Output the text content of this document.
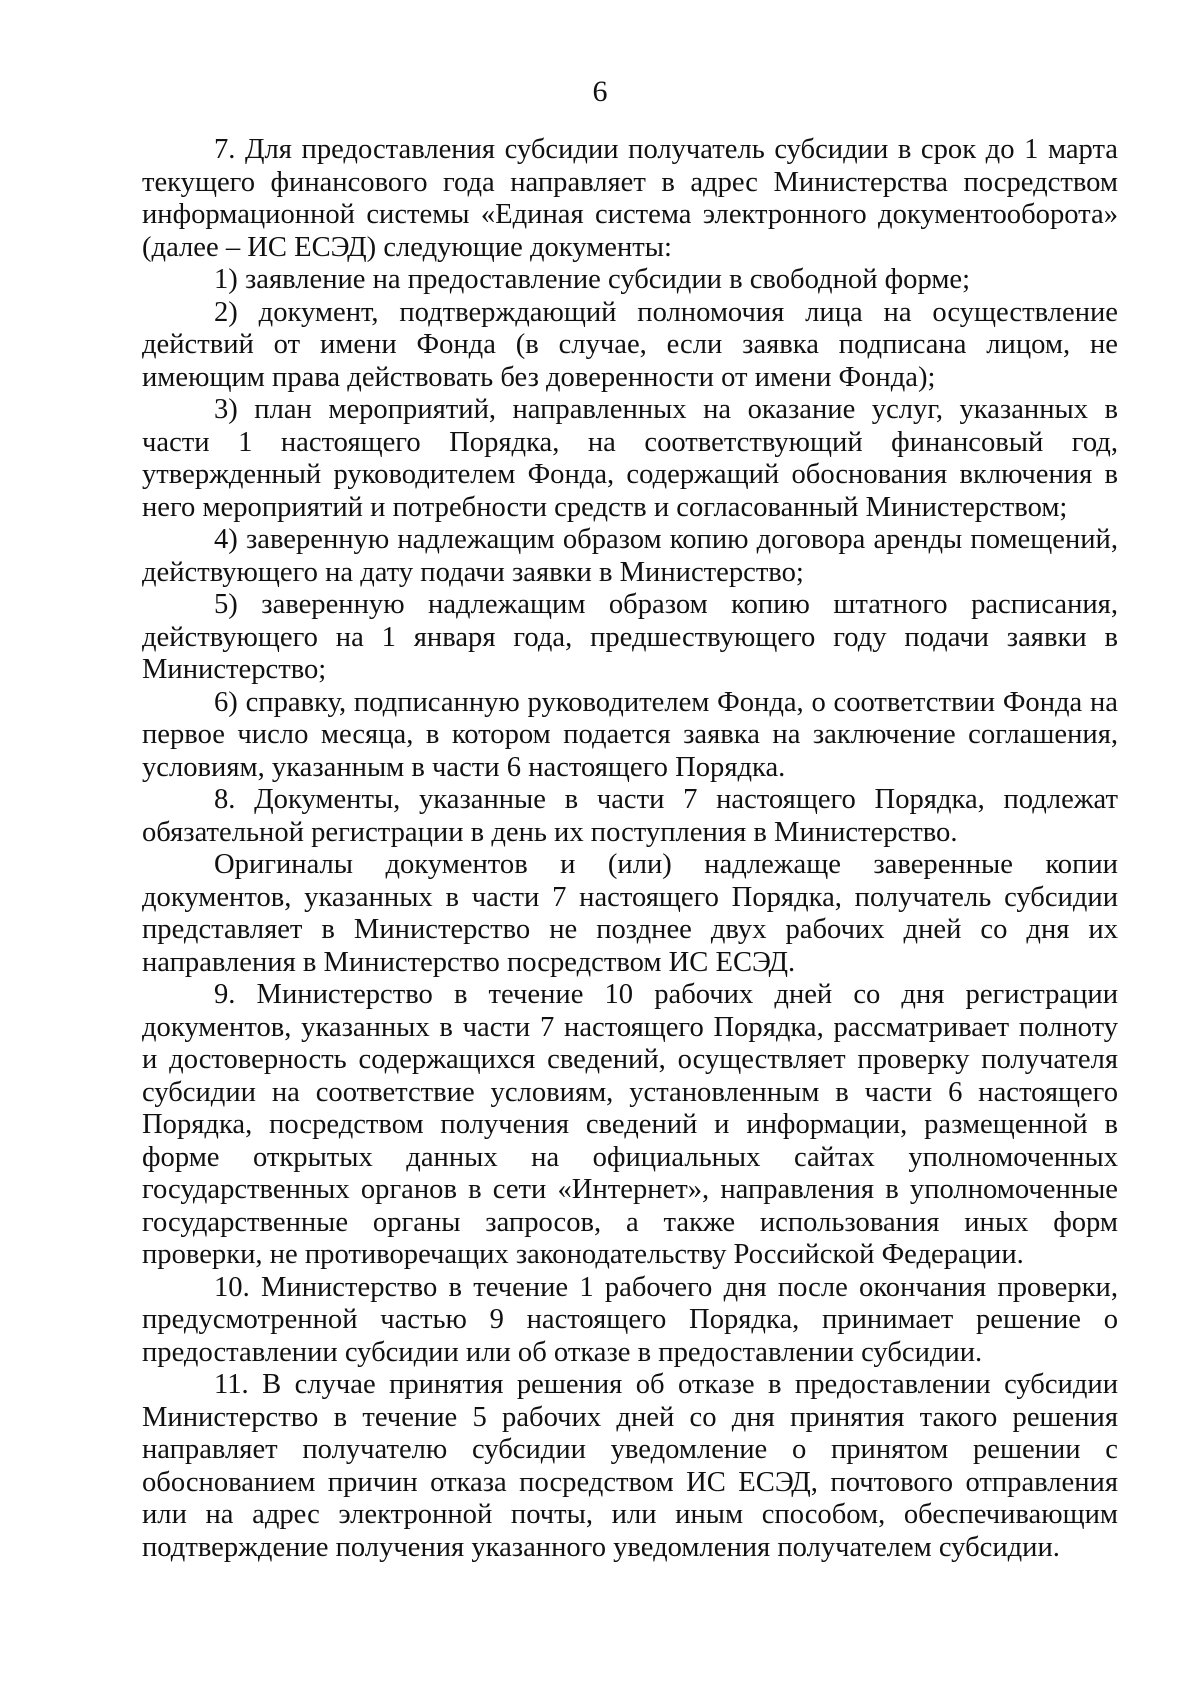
6

7. Для предоставления субсидии получатель субсидии в срок до 1 марта текущего финансового года направляет в адрес Министерства посредством информационной системы «Единая система электронного документооборота» (далее – ИС ЕСЭД) следующие документы:

1) заявление на предоставление субсидии в свободной форме;

2) документ, подтверждающий полномочия лица на осуществление действий от имени Фонда (в случае, если заявка подписана лицом, не имеющим права действовать без доверенности от имени Фонда);

3) план мероприятий, направленных на оказание услуг, указанных в части 1 настоящего Порядка, на соответствующий финансовый год, утвержденный руководителем Фонда, содержащий обоснования включения в него мероприятий и потребности средств и согласованный Министерством;

4) заверенную надлежащим образом копию договора аренды помещений, действующего на дату подачи заявки в Министерство;

5) заверенную надлежащим образом копию штатного расписания, действующего на 1 января года, предшествующего году подачи заявки в Министерство;

6) справку, подписанную руководителем Фонда, о соответствии Фонда на первое число месяца, в котором подается заявка на заключение соглашения, условиям, указанным в части 6 настоящего Порядка.

8. Документы, указанные в части 7 настоящего Порядка, подлежат обязательной регистрации в день их поступления в Министерство.

Оригиналы документов и (или) надлежаще заверенные копии документов, указанных в части 7 настоящего Порядка, получатель субсидии представляет в Министерство не позднее двух рабочих дней со дня их направления в Министерство посредством ИС ЕСЭД.

9. Министерство в течение 10 рабочих дней со дня регистрации документов, указанных в части 7 настоящего Порядка, рассматривает полноту и достоверность содержащихся сведений, осуществляет проверку получателя субсидии на соответствие условиям, установленным в части 6 настоящего Порядка, посредством получения сведений и информации, размещенной в форме открытых данных на официальных сайтах уполномоченных государственных органов в сети «Интернет», направления в уполномоченные государственные органы запросов, а также использования иных форм проверки, не противоречащих законодательству Российской Федерации.

10. Министерство в течение 1 рабочего дня после окончания проверки, предусмотренной частью 9 настоящего Порядка, принимает решение о предоставлении субсидии или об отказе в предоставлении субсидии.

11. В случае принятия решения об отказе в предоставлении субсидии Министерство в течение 5 рабочих дней со дня принятия такого решения направляет получателю субсидии уведомление о принятом решении с обоснованием причин отказа посредством ИС ЕСЭД, почтового отправления или на адрес электронной почты, или иным способом, обеспечивающим подтверждение получения указанного уведомления получателем субсидии.
